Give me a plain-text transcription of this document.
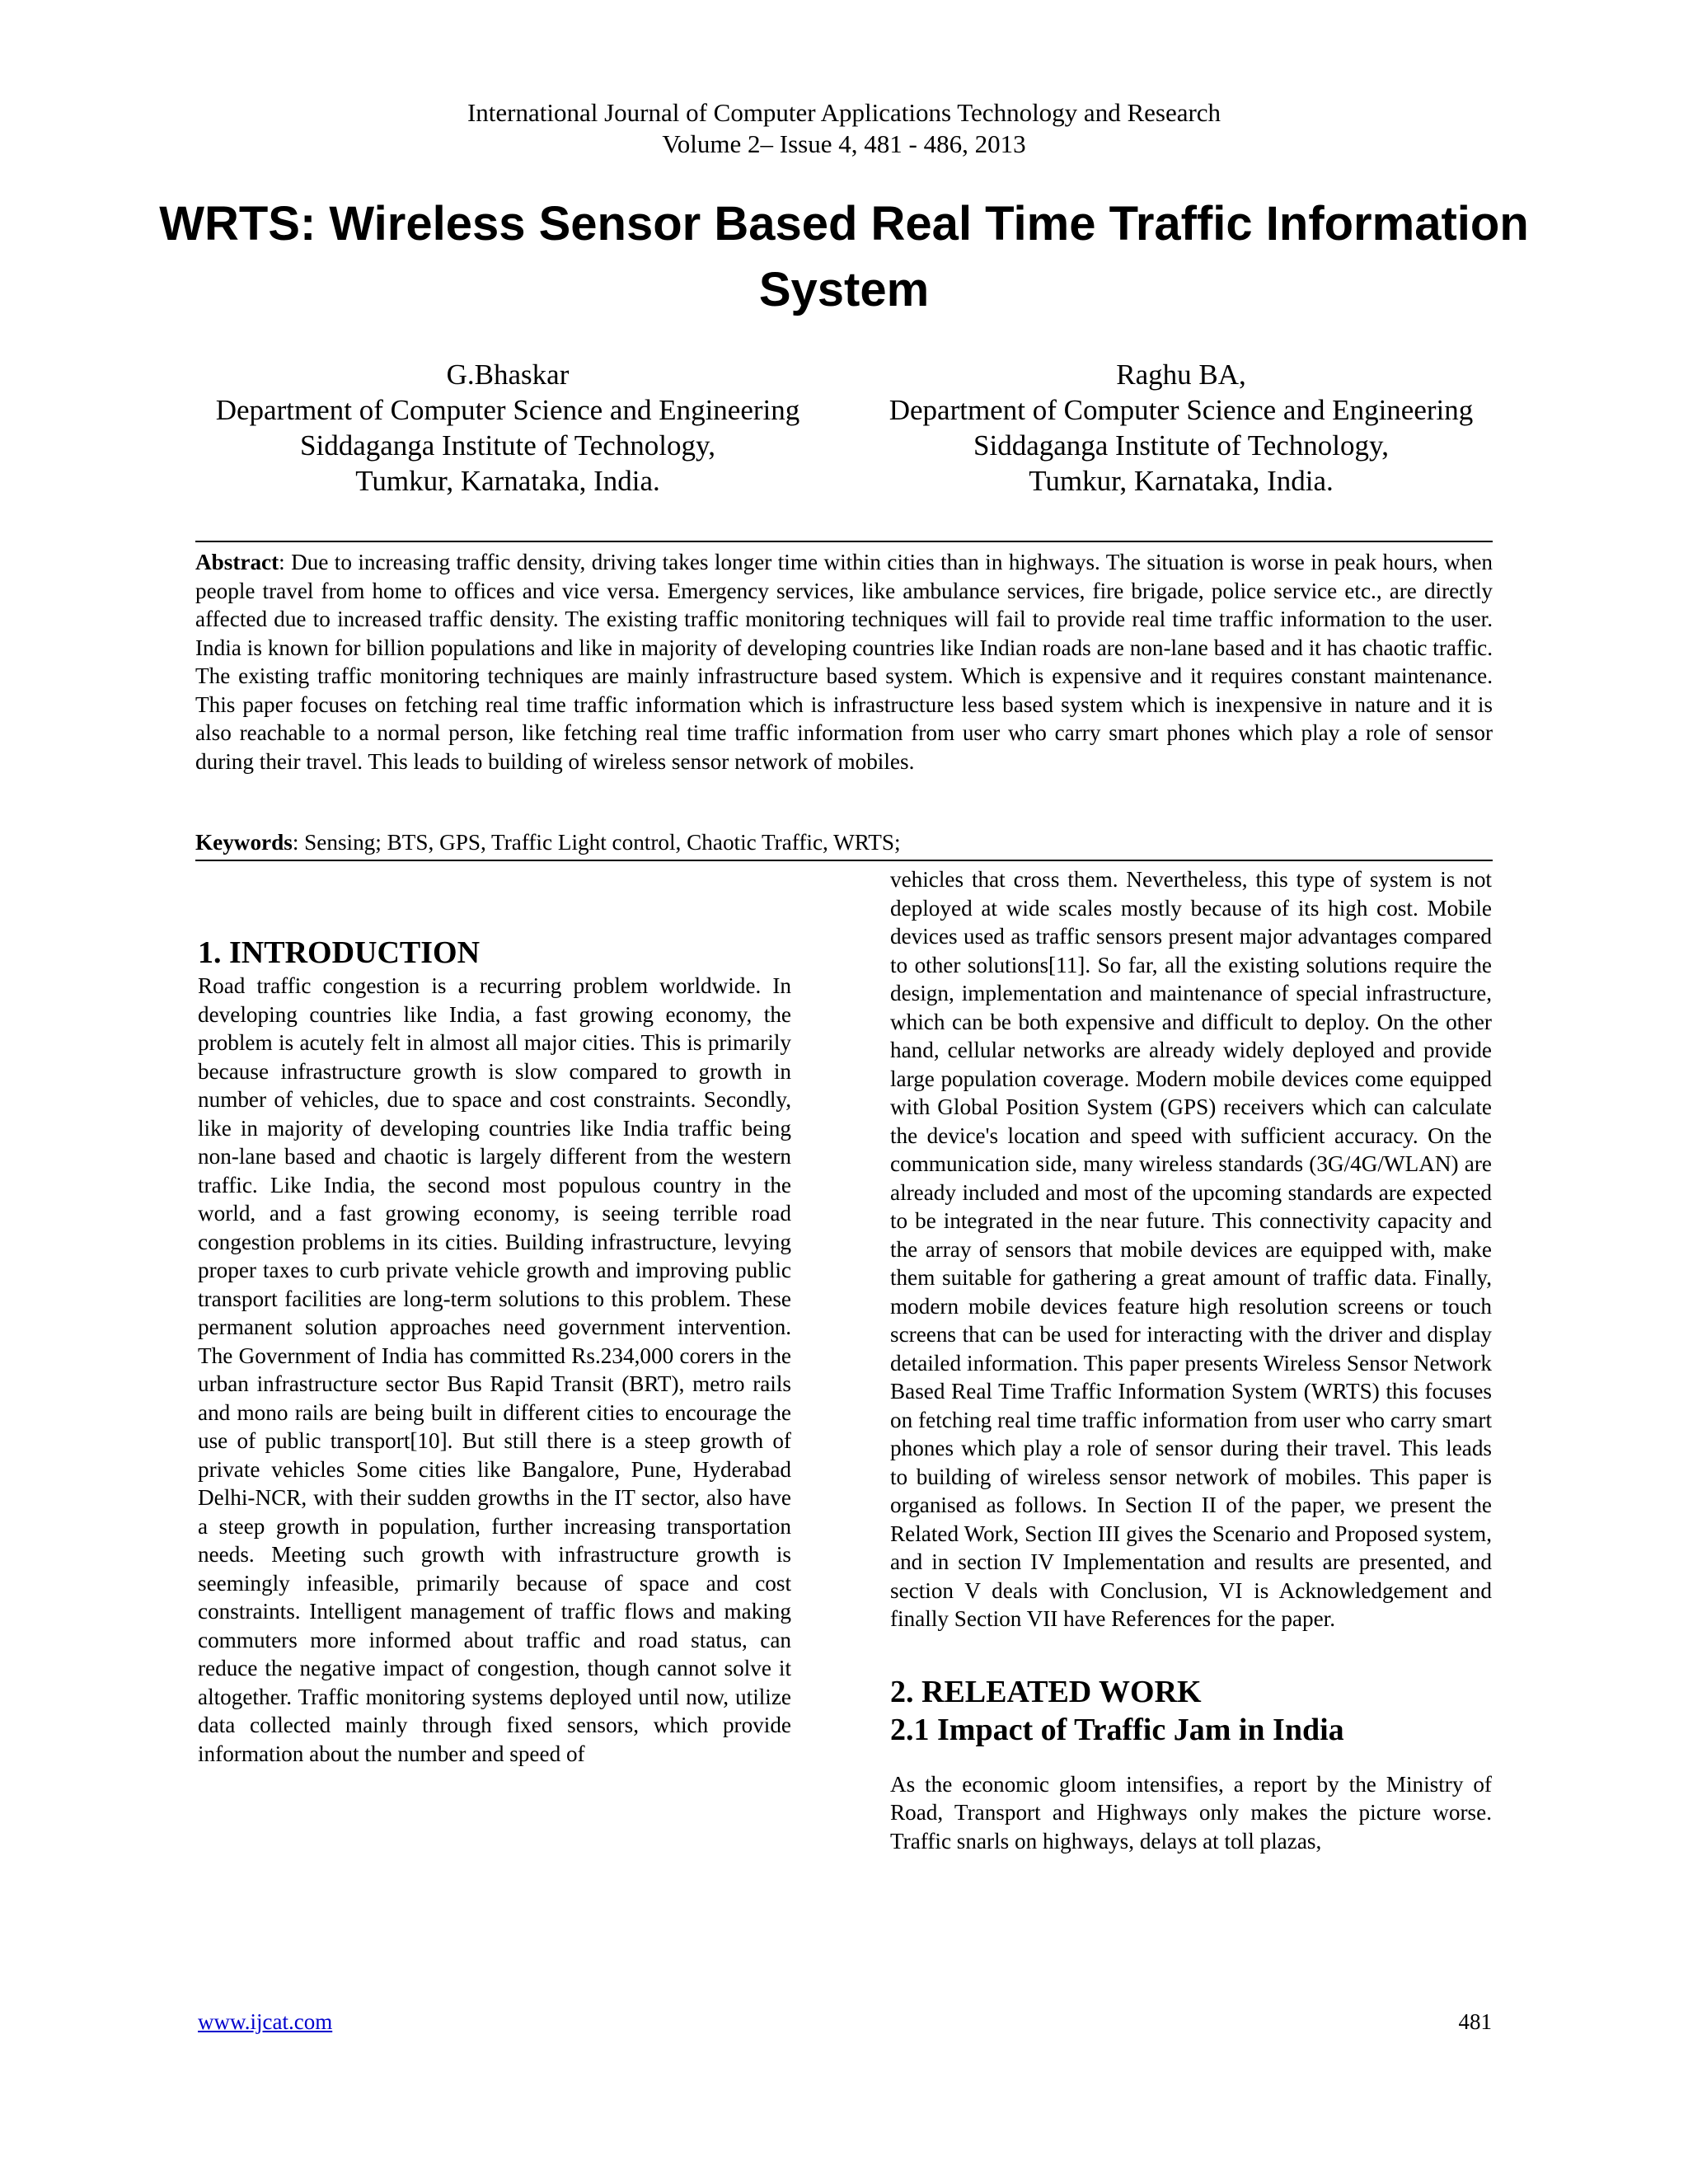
International Journal of Computer Applications Technology and Research
Volume 2– Issue 4, 481 - 486, 2013
WRTS: Wireless Sensor Based Real Time Traffic Information System
G.Bhaskar
Department of Computer Science and Engineering
Siddaganga Institute of Technology,
Tumkur, Karnataka, India.
Raghu BA,
Department of Computer Science and Engineering
Siddaganga Institute of Technology,
Tumkur, Karnataka, India.
Abstract: Due to increasing traffic density, driving takes longer time within cities than in highways. The situation is worse in peak hours, when people travel from home to offices and vice versa. Emergency services, like ambulance services, fire brigade, police service etc., are directly affected due to increased traffic density. The existing traffic monitoring techniques will fail to provide real time traffic information to the user. India is known for billion populations and like in majority of developing countries like Indian roads are non-lane based and it has chaotic traffic. The existing traffic monitoring techniques are mainly infrastructure based system. Which is expensive and it requires constant maintenance. This paper focuses on fetching real time traffic information which is infrastructure less based system which is inexpensive in nature and it is also reachable to a normal person, like fetching real time traffic information from user who carry smart phones which play a role of sensor during their travel. This leads to building of wireless sensor network of mobiles.
Keywords: Sensing; BTS, GPS, Traffic Light control, Chaotic Traffic, WRTS;
1. INTRODUCTION

Road traffic congestion is a recurring problem worldwide. In developing countries like India, a fast growing economy, the problem is acutely felt in almost all major cities. This is primarily because infrastructure growth is slow compared to growth in number of vehicles, due to space and cost constraints. Secondly, like in majority of developing countries like India traffic being non-lane based and chaotic is largely different from the western traffic. Like India, the second most populous country in the world, and a fast growing economy, is seeing terrible road congestion problems in its cities. Building infrastructure, levying proper taxes to curb private vehicle growth and improving public transport facilities are long-term solutions to this problem. These permanent solution approaches need government intervention. The Government of India has committed Rs.234,000 corers in the urban infrastructure sector Bus Rapid Transit (BRT), metro rails and mono rails are being built in different cities to encourage the use of public transport[10]. But still there is a steep growth of private vehicles Some cities like Bangalore, Pune, Hyderabad Delhi-NCR, with their sudden growths in the IT sector, also have a steep growth in population, further increasing transportation needs. Meeting such growth with infrastructure growth is seemingly infeasible, primarily because of space and cost constraints. Intelligent management of traffic flows and making commuters more informed about traffic and road status, can reduce the negative impact of congestion, though cannot solve it altogether. Traffic monitoring systems deployed until now, utilize data collected mainly through fixed sensors, which provide information about the number and speed of

vehicles that cross them. Nevertheless, this type of system is not deployed at wide scales mostly because of its high cost. Mobile devices used as traffic sensors present major advantages compared to other solutions[11]. So far, all the existing solutions require the design, implementation and maintenance of special infrastructure, which can be both expensive and difficult to deploy. On the other hand, cellular networks are already widely deployed and provide large population coverage. Modern mobile devices come equipped with Global Position System (GPS) receivers which can calculate the device's location and speed with sufficient accuracy. On the communication side, many wireless standards (3G/4G/WLAN) are already included and most of the upcoming standards are expected to be integrated in the near future. This connectivity capacity and the array of sensors that mobile devices are equipped with, make them suitable for gathering a great amount of traffic data. Finally, modern mobile devices feature high resolution screens or touch screens that can be used for interacting with the driver and display detailed information. This paper presents Wireless Sensor Network Based Real Time Traffic Information System (WRTS) this focuses on fetching real time traffic information from user who carry smart phones which play a role of sensor during their travel. This leads to building of wireless sensor network of mobiles. This paper is organised as follows. In Section II of the paper, we present the Related Work, Section III gives the Scenario and Proposed system, and in section IV Implementation and results are presented, and section V deals with Conclusion, VI is Acknowledgement and finally Section VII have References for the paper.

2. RELEATED WORK
2.1 Impact of Traffic Jam in India

As the economic gloom intensifies, a report by the Ministry of Road, Transport and Highways only makes the picture worse. Traffic snarls on highways, delays at toll plazas,

www.ijcat.com	481
